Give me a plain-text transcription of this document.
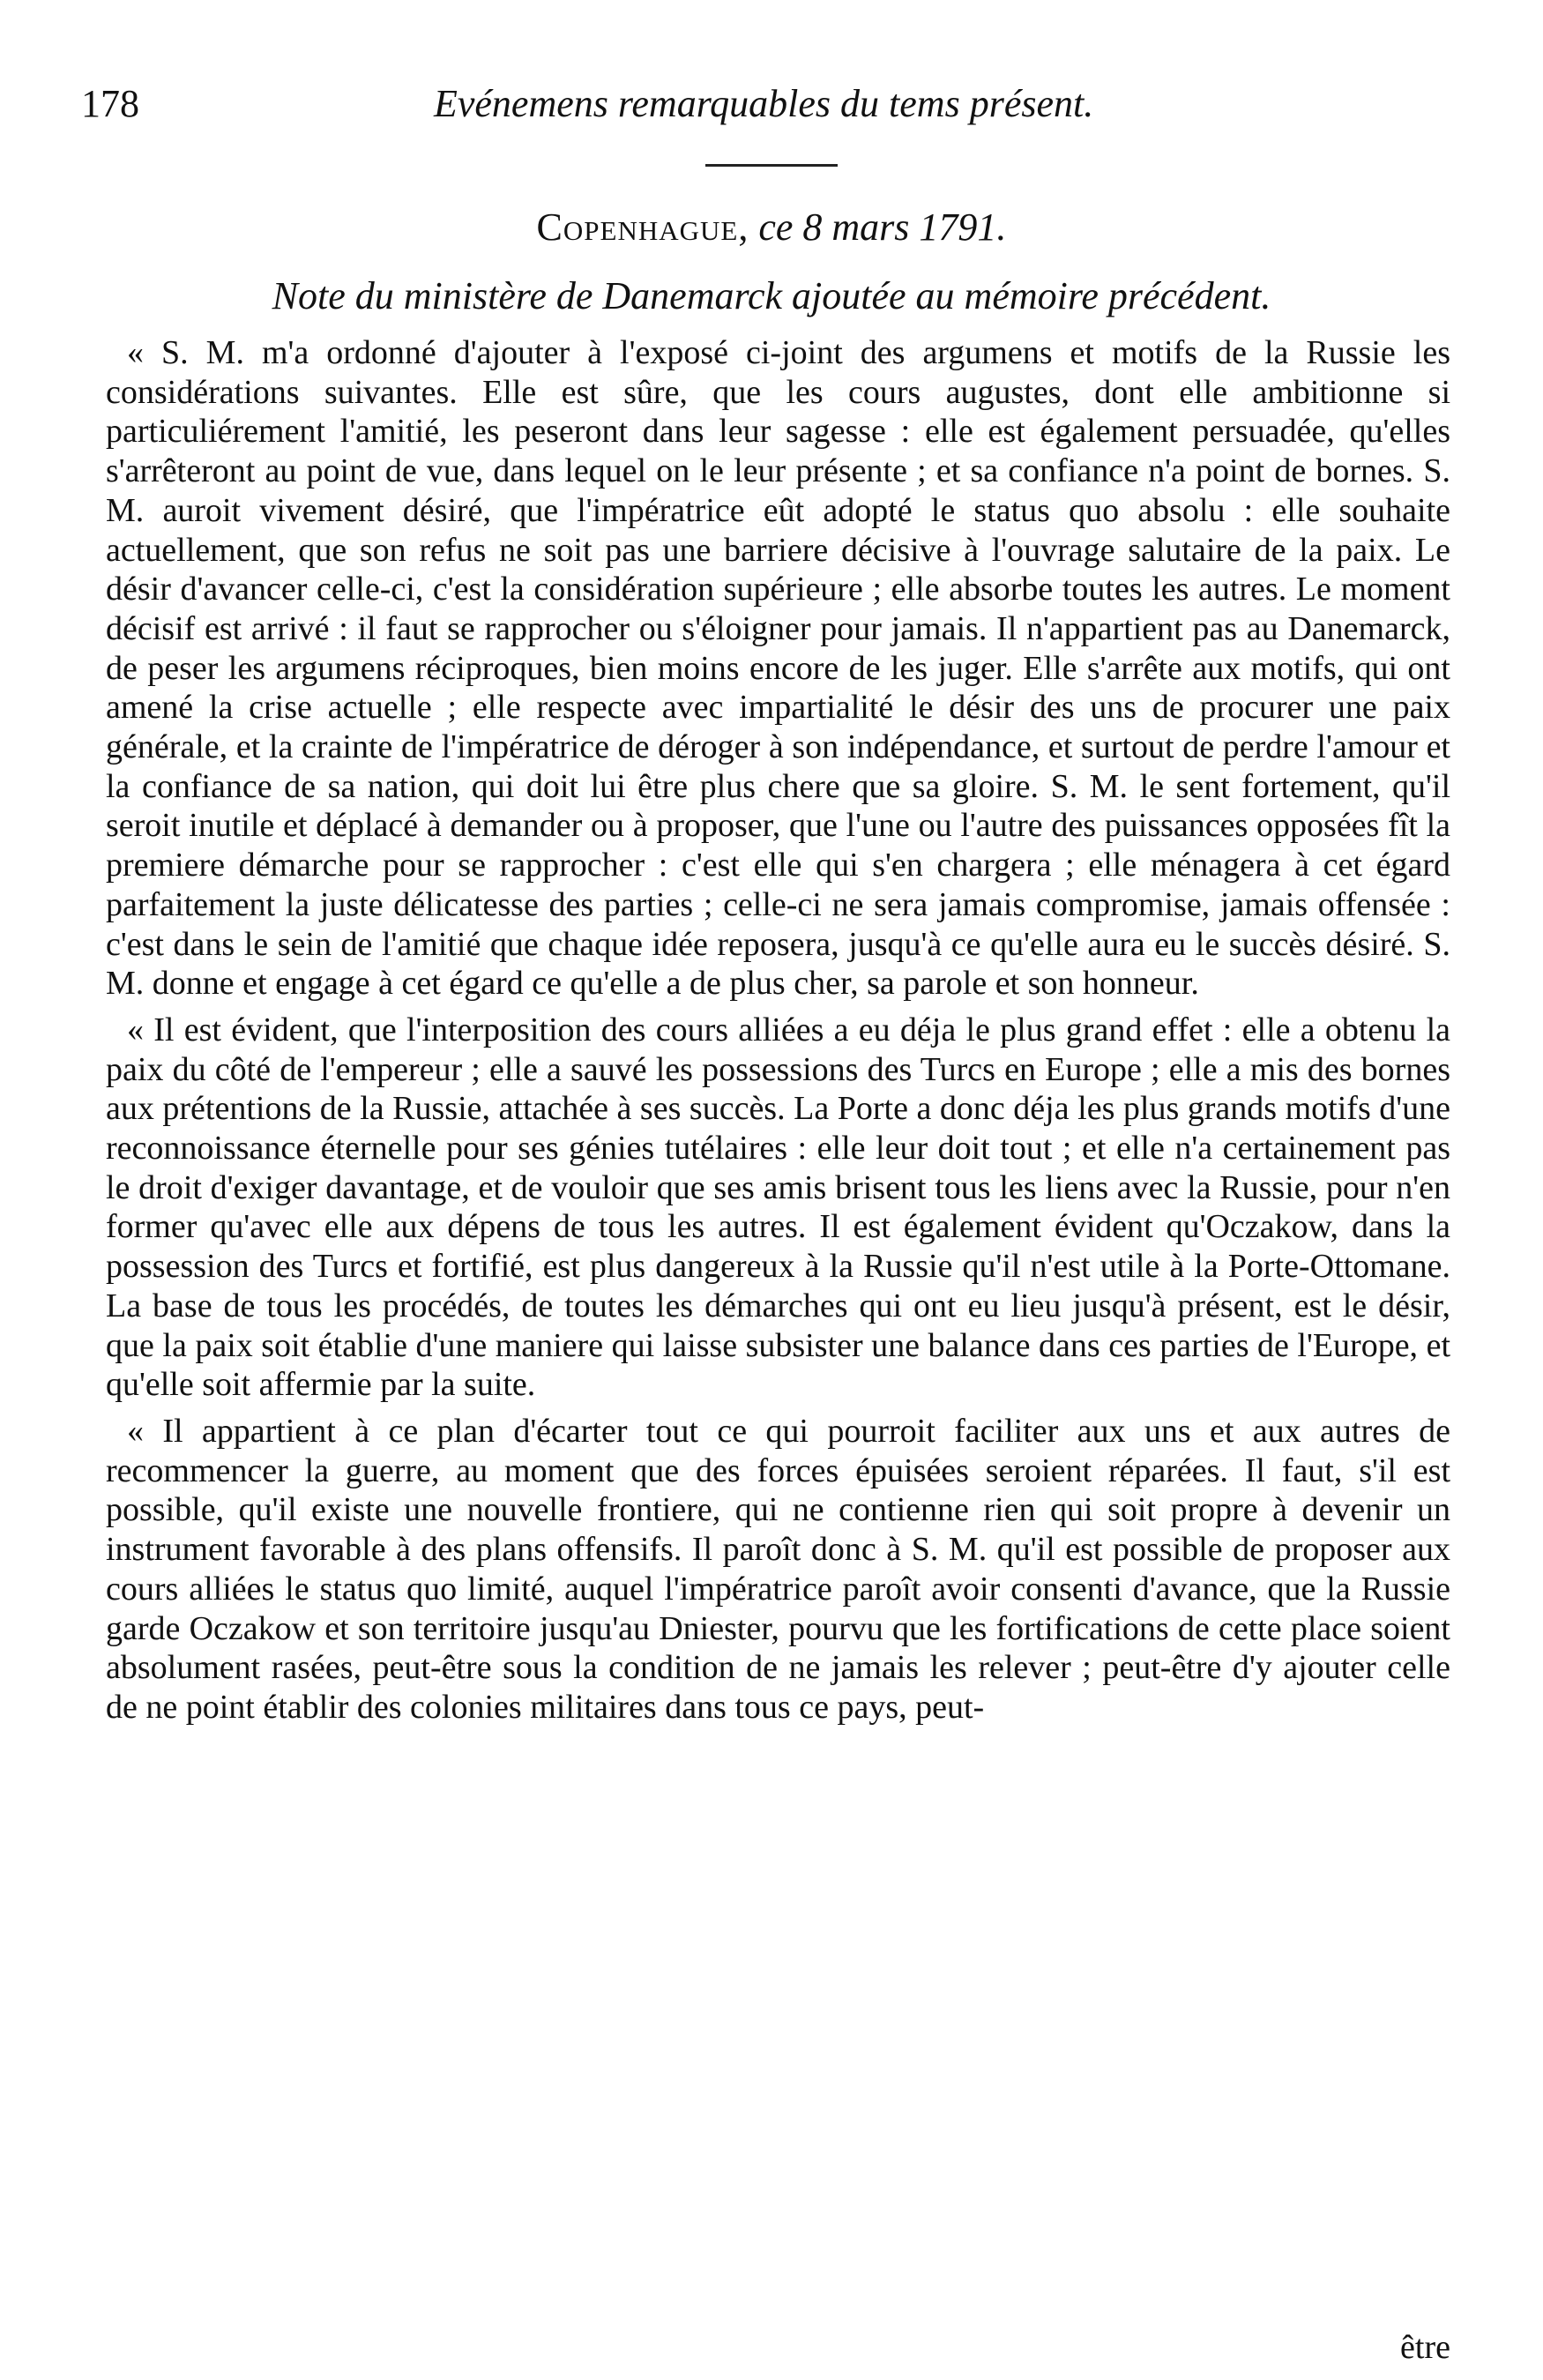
178	Evénemens remarquables du tems présent.
Copenhague, ce 8 mars 1791.
Note du ministère de Danemarck ajoutée au mémoire précédent.

« S. M. m'a ordonné d'ajouter à l'exposé ci-joint des argumens et motifs de la Russie les considérations suivantes. Elle est sûre, que les cours augustes, dont elle ambitionne si particuliérement l'amitié, les peseront dans leur sagesse : elle est également persuadée, qu'elles s'arrêteront au point de vue, dans lequel on le leur présente ; et sa confiance n'a point de bornes. S. M. auroit vivement désiré, que l'impératrice eût adopté le status quo absolu : elle souhaite actuellement, que son refus ne soit pas une barriere décisive à l'ouvrage salutaire de la paix. Le désir d'avancer celle-ci, c'est la considération supérieure ; elle absorbe toutes les autres. Le moment décisif est arrivé : il faut se rapprocher ou s'éloigner pour jamais. Il n'appartient pas au Danemarck, de peser les argumens réciproques, bien moins encore de les juger. Elle s'arrête aux motifs, qui ont amené la crise actuelle ; elle respecte avec impartialité le désir des uns de procurer une paix générale, et la crainte de l'impératrice de déroger à son indépendance, et surtout de perdre l'amour et la confiance de sa nation, qui doit lui être plus chere que sa gloire. S. M. le sent fortement, qu'il seroit inutile et déplacé à demander ou à proposer, que l'une ou l'autre des puissances opposées fît la premiere démarche pour se rapprocher : c'est elle qui s'en chargera ; elle ménagera à cet égard parfaitement la juste délicatesse des parties ; celle-ci ne sera jamais compromise, jamais offensée : c'est dans le sein de l'amitié que chaque idée reposera, jusqu'à ce qu'elle aura eu le succès désiré. S. M. donne et engage à cet égard ce qu'elle a de plus cher, sa parole et son honneur.

« Il est évident, que l'interposition des cours alliées a eu déja le plus grand effet : elle a obtenu la paix du côté de l'empereur ; elle a sauvé les possessions des Turcs en Europe ; elle a mis des bornes aux prétentions de la Russie, attachée à ses succès. La Porte a donc déja les plus grands motifs d'une reconnoissance éternelle pour ses génies tutélaires : elle leur doit tout ; et elle n'a certainement pas le droit d'exiger davantage, et de vouloir que ses amis brisent tous les liens avec la Russie, pour n'en former qu'avec elle aux dépens de tous les autres. Il est également évident qu'Oczakow, dans la possession des Turcs et fortifié, est plus dangereux à la Russie qu'il n'est utile à la Porte-Ottomane. La base de tous les procédés, de toutes les démarches qui ont eu lieu jusqu'à présent, est le désir, que la paix soit établie d'une maniere qui laisse subsister une balance dans ces parties de l'Europe, et qu'elle soit affermie par la suite.

« Il appartient à ce plan d'écarter tout ce qui pourroit faciliter aux uns et aux autres de recommencer la guerre, au moment que des forces épuisées seroient réparées. Il faut, s'il est possible, qu'il existe une nouvelle frontiere, qui ne contienne rien qui soit propre à devenir un instrument favorable à des plans offensifs. Il paroît donc à S. M. qu'il est possible de proposer aux cours alliées le status quo limité, auquel l'impératrice paroît avoir consenti d'avance, que la Russie garde Oczakow et son territoire jusqu'au Dniester, pourvu que les fortifications de cette place soient absolument rasées, peut-être sous la condition de ne jamais les relever ; peut-être d'y ajouter celle de ne point établir des colonies militaires dans tous ce pays, peut-

être
